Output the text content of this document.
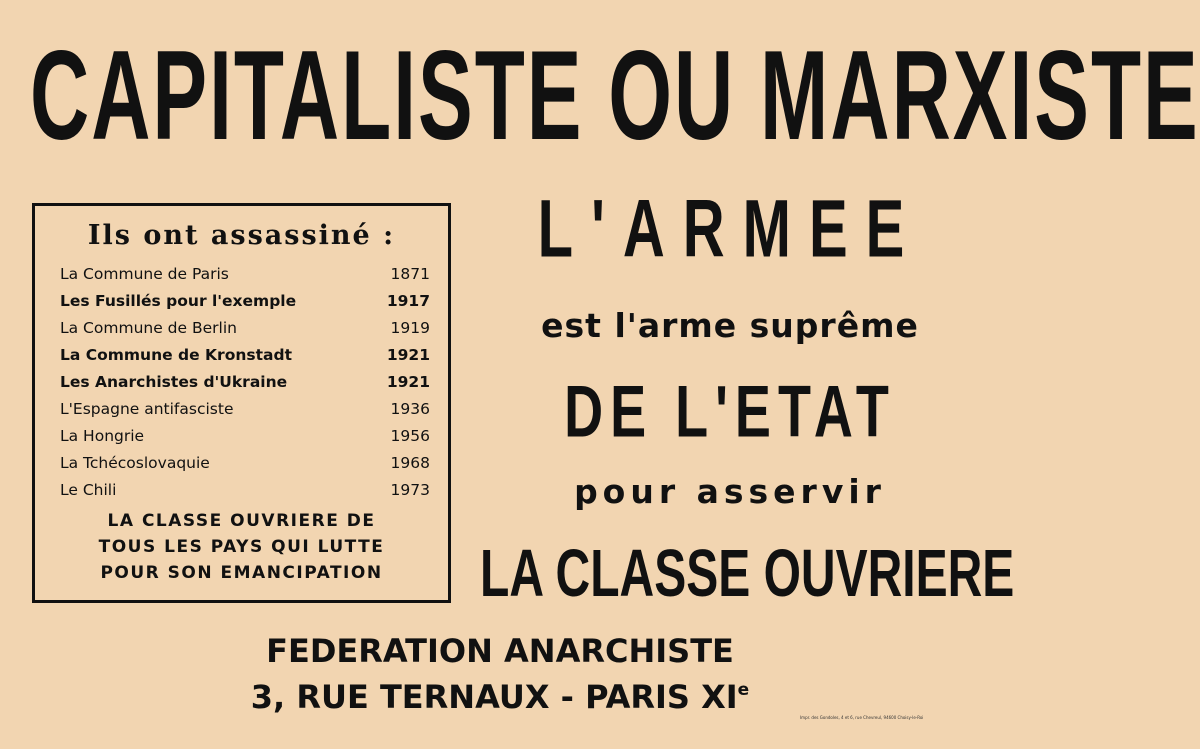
CAPITALISTE OU MARXISTE
Ils ont assassiné :
La Commune de Paris	1871
Les Fusillés pour l'exemple	1917
La Commune de Berlin	1919
La Commune de Kronstadt	1921
Les Anarchistes d'Ukraine	1921
L'Espagne antifasciste	1936
La Hongrie	1956
La Tchécoslovaquie	1968
Le Chili	1973
LA CLASSE OUVRIERE DE
TOUS LES PAYS QUI LUTTE
POUR SON EMANCIPATION
L'ARMEE
est l'arme suprême
DE L'ETAT
pour asservir
LA CLASSE OUVRIERE
FEDERATION ANARCHISTE
3, RUE TERNAUX - PARIS XIe
Impr. des Gondoles, 4 et 6, rue Chevreul, 94600 Choisy-le-Roi
